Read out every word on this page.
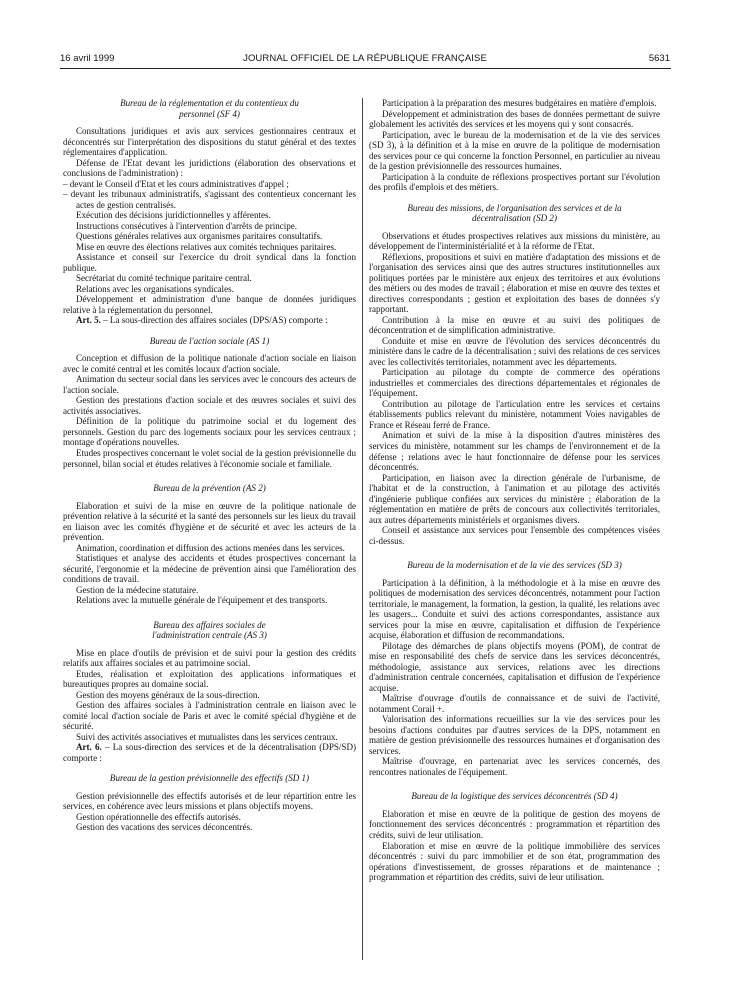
16 avril 1999	JOURNAL OFFICIEL DE LA RÉPUBLIQUE FRANÇAISE	5631

Bureau de la réglementation et du contentieux du personnel (SF 4)

Consultations juridiques et avis aux services gestionnaires centraux et déconcentrés sur l'interprétation des dispositions du statut général et des textes réglementaires d'application.

Défense de l'Etat devant les juridictions (élaboration des observations et conclusions de l'administration) :

– devant le Conseil d'Etat et les cours administratives d'appel ;

– devant les tribunaux administratifs, s'agissant des contentieux concernant les actes de gestion centralisés.

Exécution des décisions juridictionnelles y afférentes.

Instructions consécutives à l'intervention d'arrêts de principe.

Questions générales relatives aux organismes paritaires consultatifs.

Mise en œuvre des élections relatives aux comités techniques paritaires.

Assistance et conseil sur l'exercice du droit syndical dans la fonction publique.

Secrétariat du comité technique paritaire central.

Relations avec les organisations syndicales.

Développement et administration d'une banque de données juridiques relative à la réglementation du personnel.

Art. 5. – La sous-direction des affaires sociales (DPS/AS) comporte :

Bureau de l'action sociale (AS 1)

Conception et diffusion de la politique nationale d'action sociale en liaison avec le comité central et les comités locaux d'action sociale.

Animation du secteur social dans les services avec le concours des acteurs de l'action sociale.

Gestion des prestations d'action sociale et des œuvres sociales et suivi des activités associatives.

Définition de la politique du patrimoine social et du logement des personnels. Gestion du parc des logements sociaux pour les services centraux ; montage d'opérations nouvelles.

Etudes prospectives concernant le volet social de la gestion prévisionnelle du personnel, bilan social et études relatives à l'économie sociale et familiale.

Bureau de la prévention (AS 2)

Elaboration et suivi de la mise en œuvre de la politique nationale de prévention relative à la sécurité et la santé des personnels sur les lieux du travail en liaison avec les comités d'hygiène et de sécurité et avec les acteurs de la prévention.

Animation, coordination et diffusion des actions menées dans les services.

Statistiques et analyse des accidents et études prospectives concernant la sécurité, l'ergonomie et la médecine de prévention ainsi que l'amélioration des conditions de travail.

Gestion de la médecine statutaire.

Relations avec la mutuelle générale de l'équipement et des transports.

Bureau des affaires sociales de l'administration centrale (AS 3)

Mise en place d'outils de prévision et de suivi pour la gestion des crédits relatifs aux affaires sociales et au patrimoine social.

Etudes, réalisation et exploitation des applications informatiques et bureautiques propres au domaine social.

Gestion des moyens généraux de la sous-direction.

Gestion des affaires sociales à l'administration centrale en liaison avec le comité local d'action sociale de Paris et avec le comité spécial d'hygiène et de sécurité.

Suivi des activités associatives et mutualistes dans les services centraux.

Art. 6. – La sous-direction des services et de la décentralisation (DPS/SD) comporte :

Bureau de la gestion prévisionnelle des effectifs (SD 1)

Gestion prévisionnelle des effectifs autorisés et de leur répartition entre les services, en cohérence avec leurs missions et plans objectifs moyens.

Gestion opérationnelle des effectifs autorisés.

Gestion des vacations des services déconcentrés.

Participation à la préparation des mesures budgétaires en matière d'emplois.

Développement et administration des bases de données permettant de suivre globalement les activités des services et les moyens qui y sont consacrés.

Participation, avec le bureau de la modernisation et de la vie des services (SD 3), à la définition et à la mise en œuvre de la politique de modernisation des services pour ce qui concerne la fonction Personnel, en particulier au niveau de la gestion prévisionnelle des ressources humaines.

Participation à la conduite de réflexions prospectives portant sur l'évolution des profils d'emplois et des métiers.

Bureau des missions, de l'organisation des services et de la décentralisation (SD 2)

Observations et études prospectives relatives aux missions du ministère, au développement de l'interministérialité et à la réforme de l'Etat.

Réflexions, propositions et suivi en matière d'adaptation des missions et de l'organisation des services ainsi que des autres structures institutionnelles aux politiques portées par le ministère aux enjeux des territoires et aux évolutions des métiers ou des modes de travail ; élaboration et mise en œuvre des textes et directives correspondants ; gestion et exploitation des bases de données s'y rapportant.

Contribution à la mise en œuvre et au suivi des politiques de déconcentration et de simplification administrative.

Conduite et mise en œuvre de l'évolution des services déconcentrés du ministère dans le cadre de la décentralisation ; suivi des relations de ces services avec les collectivités territoriales, notamment avec les départements.

Participation au pilotage du compte de commerce des opérations industrielles et commerciales des directions départementales et régionales de l'équipement.

Contribution au pilotage de l'articulation entre les services et certains établissements publics relevant du ministère, notamment Voies navigables de France et Réseau ferré de France.

Animation et suivi de la mise à la disposition d'autres ministères des services du ministère, notamment sur les champs de l'environnement et de la défense ; relations avec le haut fonctionnaire de défense pour les services déconcentrés.

Participation, en liaison avec la direction générale de l'urbanisme, de l'habitat et de la construction, à l'animation et au pilotage des activités d'ingénierie publique confiées aux services du ministère ; élaboration de la réglementation en matière de prêts de concours aux collectivités territoriales, aux autres départements ministériels et organismes divers.

Conseil et assistance aux services pour l'ensemble des compétences visées ci-dessus.

Bureau de la modernisation et de la vie des services (SD 3)

Participation à la définition, à la méthodologie et à la mise en œuvre des politiques de modernisation des services déconcentrés, notamment pour l'action territoriale, le management, la formation, la gestion, la qualité, les relations avec les usagers... Conduite et suivi des actions correspondantes, assistance aux services pour la mise en œuvre, capitalisation et diffusion de l'expérience acquise, élaboration et diffusion de recommandations.

Pilotage des démarches de plans objectifs moyens (POM), de contrat de mise en responsabilité des chefs de service dans les services déconcentrés, méthodologie, assistance aux services, relations avec les directions d'administration centrale concernées, capitalisation et diffusion de l'expérience acquise.

Maîtrise d'ouvrage d'outils de connaissance et de suivi de l'activité, notamment Corail +.

Valorisation des informations recueillies sur la vie des services pour les besoins d'actions conduites par d'autres services de la DPS, notamment en matière de gestion prévisionnelle des ressources humaines et d'organisation des services.

Maîtrise d'ouvrage, en partenariat avec les services concernés, des rencontres nationales de l'équipement.

Bureau de la logistique des services déconcentrés (SD 4)

Elaboration et mise en œuvre de la politique de gestion des moyens de fonctionnement des services déconcentrés : programmation et répartition des crédits, suivi de leur utilisation.

Elaboration et mise en œuvre de la politique immobilière des services déconcentrés : suivi du parc immobilier et de son état, programmation des opérations d'investissement, de grosses réparations et de maintenance ; programmation et répartition des crédits, suivi de leur utilisation.
